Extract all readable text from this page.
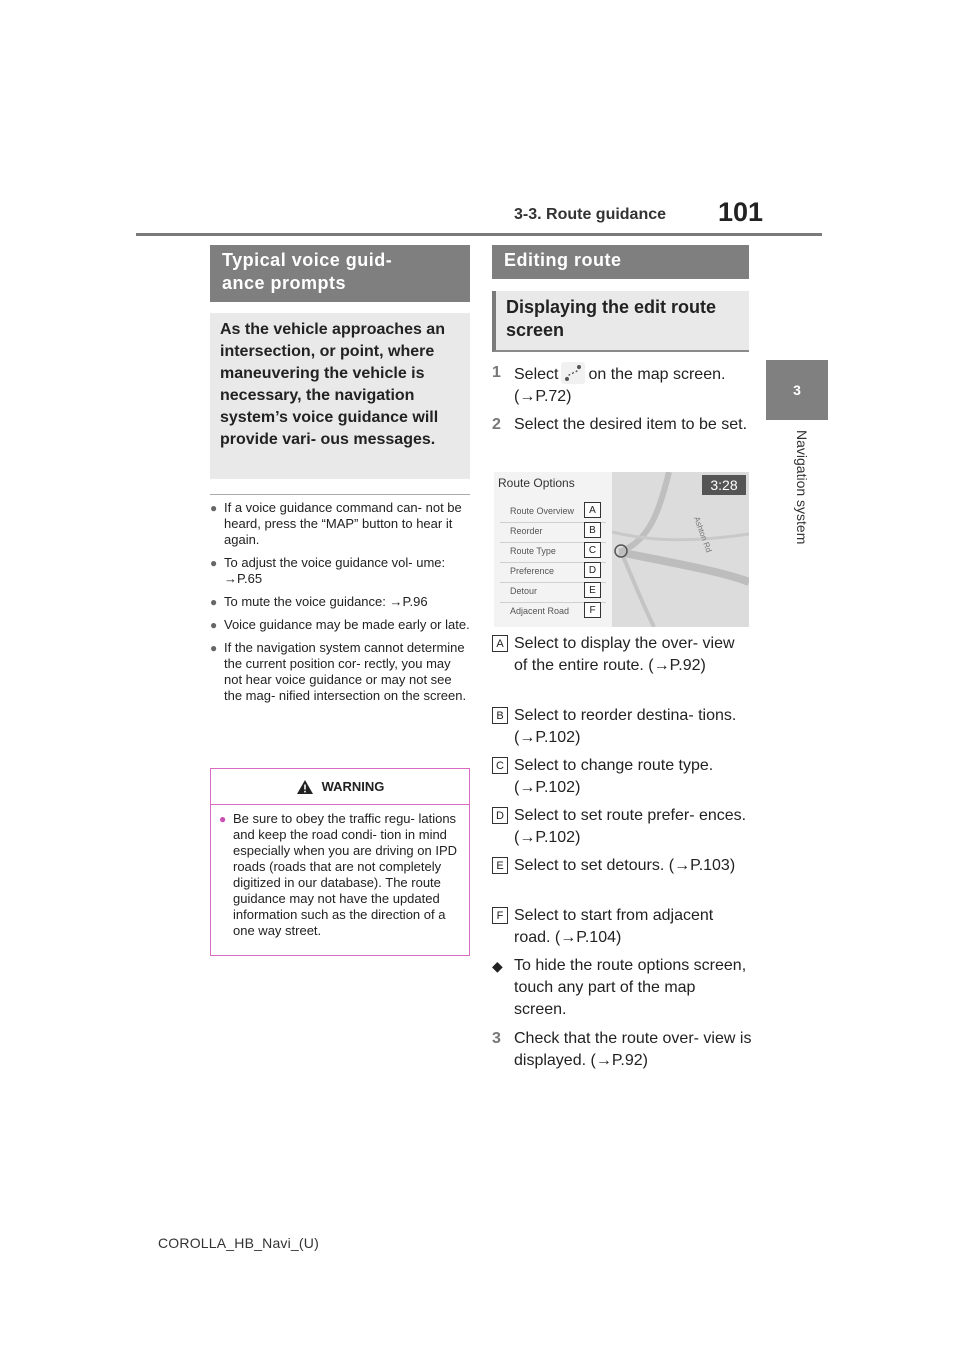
3-3. Route guidance 101
3
Navigation system
Typical voice guid-
ance prompts
As the vehicle approaches an intersection, or point, where maneuvering the vehicle is necessary, the navigation system’s voice guidance will provide vari- ous messages.
● If a voice guidance command can- not be heard, press the “MAP” button to hear it again.
● To adjust the voice guidance vol- ume: →P.65
● To mute the voice guidance: →P.96
● Voice guidance may be made early or late.
● If the navigation system cannot determine the current position cor- rectly, you may not hear voice guidance or may not see the mag- nified intersection on the screen.
WARNING
● Be sure to obey the traffic regu- lations and keep the road condi- tion in mind especially when you are driving on IPD roads (roads that are not completely digitized in our database). The route guidance may not have the updated information such as the direction of a one way street.
Editing route
Displaying the edit route screen
1 Select on the map screen. (→P.72)
2 Select the desired item to be set.
Ashton Rd
Route Options	3:28
Route Overview
Reorder
Route Type
Preference
Detour
Adjacent Road
A
B
C
D
E
F
A Select to display the over- view of the entire route. (→P.92)
B Select to reorder destina- tions. (→P.102)
C Select to change route type. (→P.102)
D Select to set route prefer- ences. (→P.102)
E Select to set detours. (→P.103)
F Select to start from adjacent road. (→P.104)
◆ To hide the route options screen, touch any part of the map screen.
3 Check that the route over- view is displayed. (→P.92)
COROLLA_HB_Navi_(U)
